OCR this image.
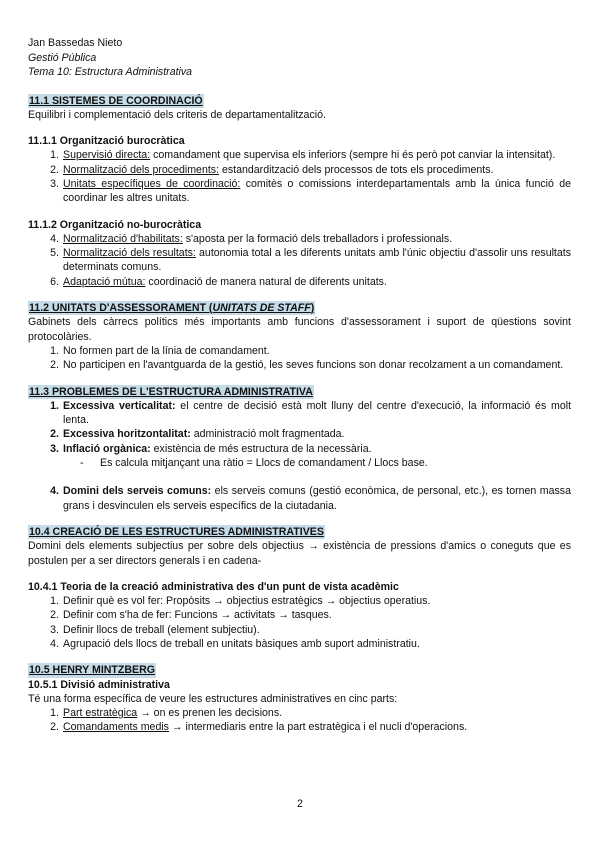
Jan Bassedas Nieto
Gestió Pública
Tema 10: Estructura Administrativa
11.1 SISTEMES DE COORDINACIÓ
Equilibri i complementació dels criteris de departamentalització.
11.1.1 Organització burocràtica
1. Supervisió directa: comandament que supervisa els inferiors (sempre hi és però pot canviar la intensitat).
2. Normalització dels procediments: estandardització dels processos de tots els procediments.
3. Unitats específiques de coordinació: comitès o comissions interdepartamentals amb la única funció de coordinar les altres unitats.
11.1.2 Organització no-burocràtica
4. Normalització d'habilitats: s'aposta per la formació dels treballadors i professionals.
5. Normalització dels resultats: autonomia total a les diferents unitats amb l'únic objectiu d'assolir uns resultats determinats comuns.
6. Adaptació mútua: coordinació de manera natural de diferents unitats.
11.2 UNITATS D'ASSESSORAMENT (UNITATS DE STAFF)
Gabinets dels càrrecs polítics més importants amb funcions d'assessorament i suport de qüestions sovint protocolàries.
1. No formen part de la línia de comandament.
2. No participen en l'avantguarda de la gestió, les seves funcions son donar recolzament a un comandament.
11.3 PROBLEMES DE L'ESTRUCTURA ADMINISTRATIVA
1. Excessiva verticalitat: el centre de decisió està molt lluny del centre d'execució, la informació és molt lenta.
2. Excessiva horitzontalitat: administració molt fragmentada.
3. Inflació orgànica: existència de més estructura de la necessària.
- Es calcula mitjançant una ràtio = Llocs de comandament / Llocs base.
4. Domini dels serveis comuns: els serveis comuns (gestió econòmica, de personal, etc.), es tornen massa grans i desvinculen els serveis específics de la ciutadania.
10.4 CREACIÓ DE LES ESTRUCTURES ADMINISTRATIVES
Domini dels elements subjectius per sobre dels objectius → existència de pressions d'amics o coneguts que es postulen per a ser directors generals i en cadena-
10.4.1 Teoria de la creació administrativa des d'un punt de vista acadèmic
1. Definir què es vol fer: Propòsits → objectius estratègics → objectius operatius.
2. Definir com s'ha de fer: Funcions → activitats → tasques.
3. Definir llocs de treball (element subjectiu).
4. Agrupació dels llocs de treball en unitats bàsiques amb suport administratiu.
10.5 HENRY MINTZBERG
10.5.1 Divisió administrativa
Té una forma específica de veure les estructures administratives en cinc parts:
1. Part estratègica → on es prenen les decisions.
2. Comandaments medis → intermediaris entre la part estratègica i el nucli d'operacions.
2
